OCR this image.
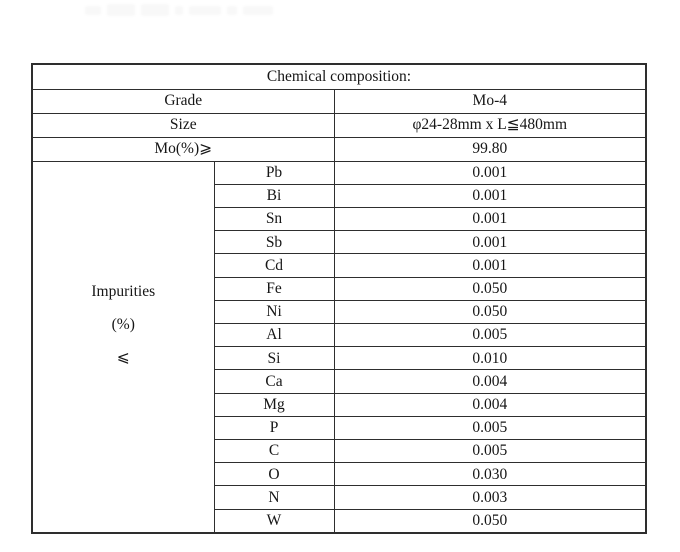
Chemical composition:		
Grade		Mo-4
Size		φ24-28mm x L≦480mm
Mo(%)⩾		99.80

Impurities
(%)
⩽	Pb	0.001
	Bi	0.001
	Sn	0.001
	Sb	0.001
	Cd	0.001
	Fe	0.050
	Ni	0.050
	Al	0.005
	Si	0.010
	Ca	0.004
	Mg	0.004
	P	0.005
	C	0.005
	O	0.030
	N	0.003
	W	0.050
